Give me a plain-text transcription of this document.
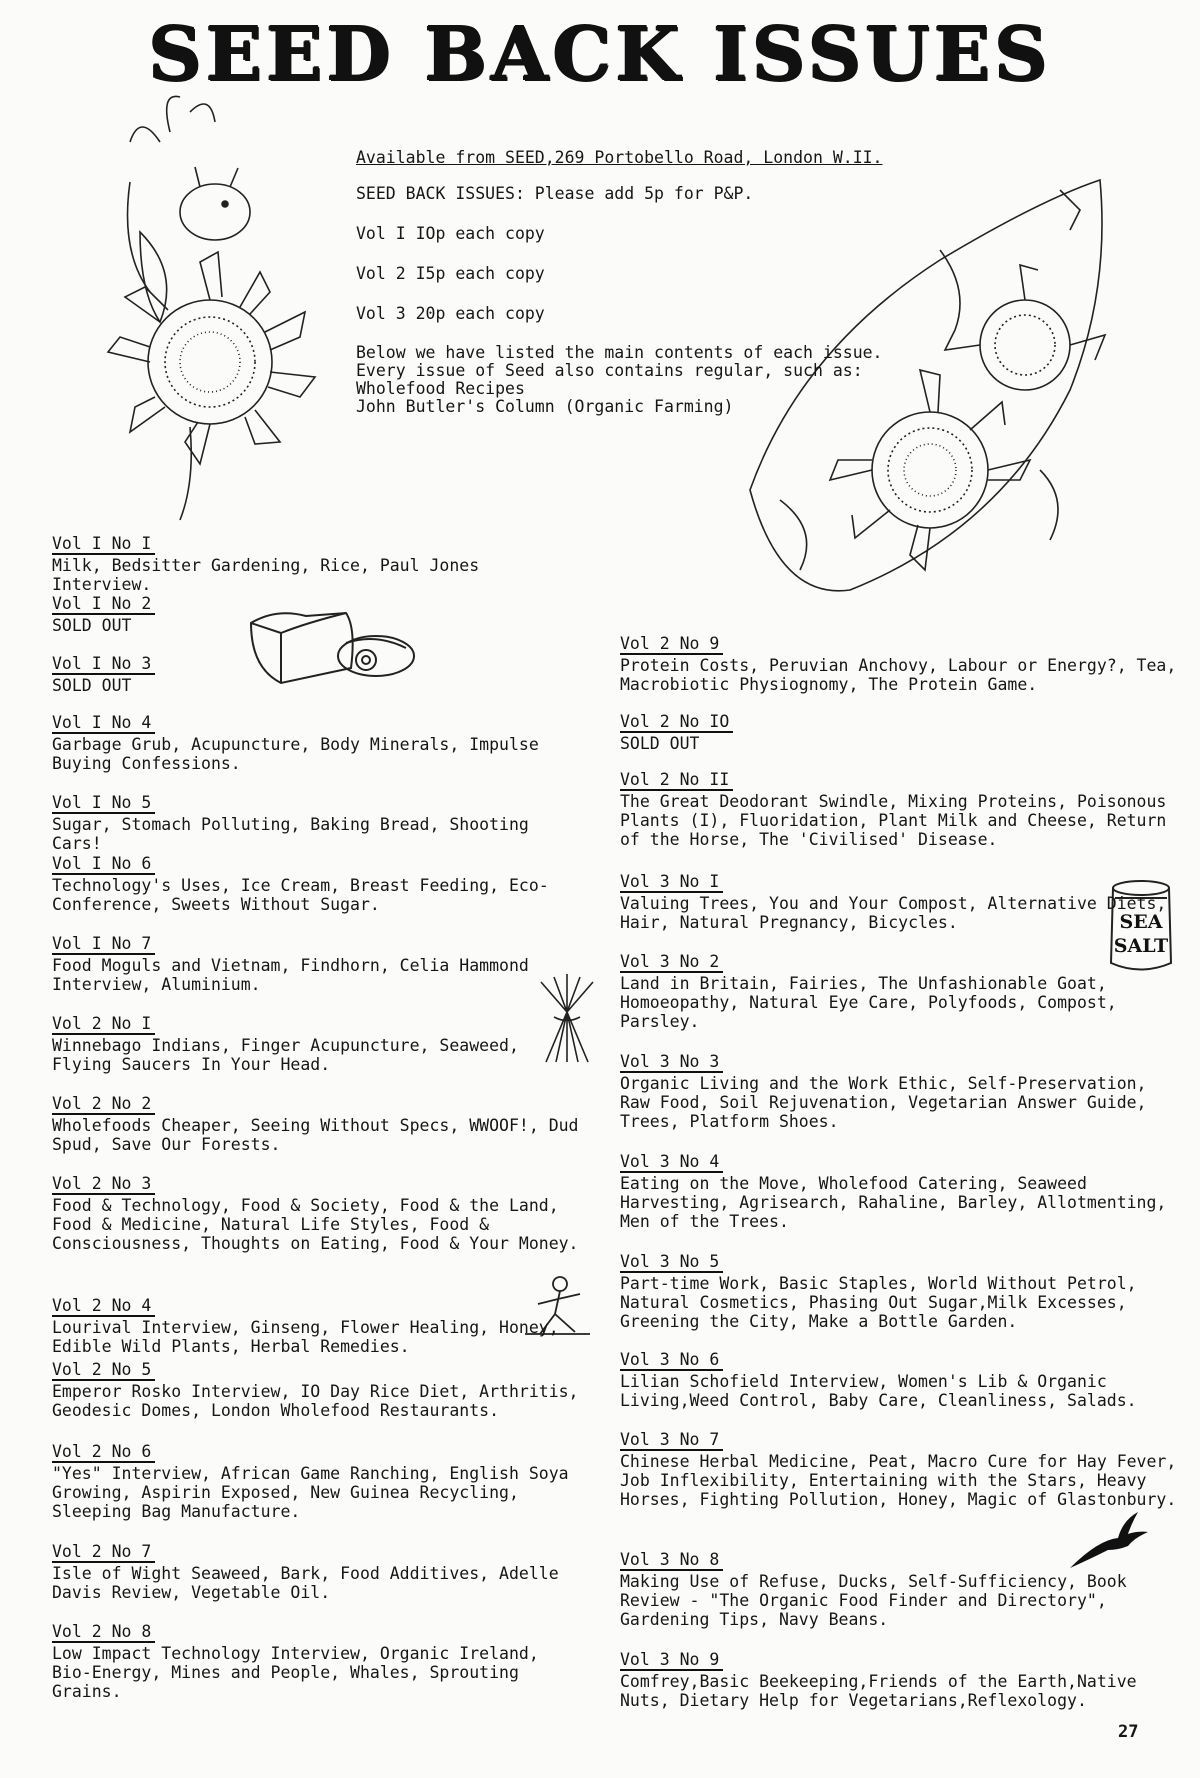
SEED BACK ISSUES
SEA
SALT

Available from SEED,269 Portobello Road, London W.II.

SEED BACK ISSUES: Please add 5p for P&P.

Vol I IOp each copy

Vol 2 I5p each copy

Vol 3 20p each copy

Below we have listed the main contents of each issue.

Every issue of Seed also contains regular, such as:

Wholefood Recipes

John Butler's Column (Organic Farming)

Vol I No I
Milk, Bedsitter Gardening, Rice, Paul Jones Interview.
Vol I No 2
SOLD OUT
Vol I No 3
SOLD OUT
Vol I No 4
Garbage Grub, Acupuncture, Body Minerals, Impulse Buying Confessions.
Vol I No 5
Sugar, Stomach Polluting, Baking Bread, Shooting Cars!
Vol I No 6
Technology's Uses, Ice Cream, Breast Feeding, Eco-Conference, Sweets Without Sugar.
Vol I No 7
Food Moguls and Vietnam, Findhorn, Celia Hammond Interview, Aluminium.
Vol 2 No I
Winnebago Indians, Finger Acupuncture, Seaweed, Flying Saucers In Your Head.
Vol 2 No 2
Wholefoods Cheaper, Seeing Without Specs, WWOOF!, Dud Spud, Save Our Forests.
Vol 2 No 3
Food & Technology, Food & Society, Food & the Land, Food & Medicine, Natural Life Styles, Food & Consciousness, Thoughts on Eating, Food & Your Money.
Vol 2 No 4
Lourival Interview, Ginseng, Flower Healing, Honey, Edible Wild Plants, Herbal Remedies.
Vol 2 No 5
Emperor Rosko Interview, IO Day Rice Diet, Arthritis, Geodesic Domes, London Wholefood Restaurants.
Vol 2 No 6
"Yes" Interview, African Game Ranching, English Soya Growing, Aspirin Exposed, New Guinea Recycling, Sleeping Bag Manufacture.
Vol 2 No 7
Isle of Wight Seaweed, Bark, Food Additives, Adelle Davis Review, Vegetable Oil.
Vol 2 No 8
Low Impact Technology Interview, Organic Ireland, Bio-Energy, Mines and People, Whales, Sprouting Grains.
Vol 2 No 9
Protein Costs, Peruvian Anchovy, Labour or Energy?, Tea, Macrobiotic Physiognomy, The Protein Game.
Vol 2 No IO
SOLD OUT
Vol 2 No II
The Great Deodorant Swindle, Mixing Proteins, Poisonous Plants (I), Fluoridation, Plant Milk and Cheese, Return of the Horse, The 'Civilised' Disease.
Vol 3 No I
Valuing Trees, You and Your Compost, Alternative Diets, Hair, Natural Pregnancy, Bicycles.
Vol 3 No 2
Land in Britain, Fairies, The Unfashionable Goat, Homoeopathy, Natural Eye Care, Polyfoods, Compost, Parsley.
Vol 3 No 3
Organic Living and the Work Ethic, Self-Preservation, Raw Food, Soil Rejuvenation, Vegetarian Answer Guide, Trees, Platform Shoes.
Vol 3 No 4
Eating on the Move, Wholefood Catering, Seaweed Harvesting, Agrisearch, Rahaline, Barley, Allotmenting, Men of the Trees.
Vol 3 No 5
Part-time Work, Basic Staples, World Without Petrol, Natural Cosmetics, Phasing Out Sugar,Milk Excesses, Greening the City, Make a Bottle Garden.
Vol 3 No 6
Lilian Schofield Interview, Women's Lib & Organic Living,Weed Control, Baby Care, Cleanliness, Salads.
Vol 3 No 7
Chinese Herbal Medicine, Peat, Macro Cure for Hay Fever, Job Inflexibility, Entertaining with the Stars, Heavy Horses, Fighting Pollution, Honey, Magic of Glastonbury.
Vol 3 No 8
Making Use of Refuse, Ducks, Self-Sufficiency, Book Review - "The Organic Food Finder and Directory", Gardening Tips, Navy Beans.
Vol 3 No 9
Comfrey,Basic Beekeeping,Friends of the Earth,Native Nuts, Dietary Help for Vegetarians,Reflexology.
27
